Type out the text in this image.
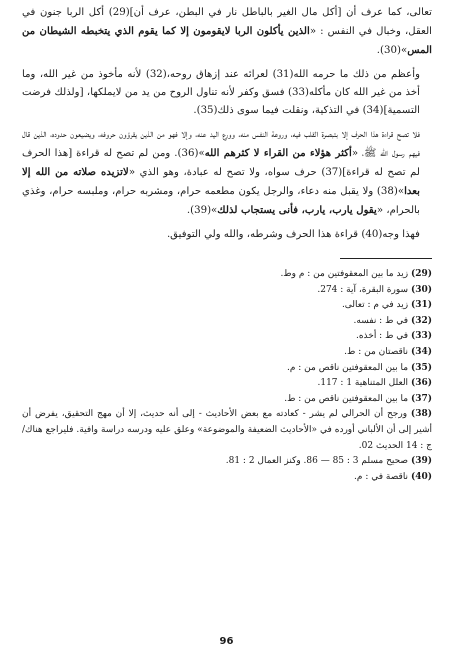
تعالى، كما عرف أن [أكل مال الغير بالباطل نار في البطن، عرف أن](29) أكل الربا جنون في العقل، وخبال في النفس : «الذين يأكلون الربا لايقومون إلا كما يقوم الذي يتخبطه الشيطان من المس»(30).

وأعظم من ذلك ما حرمه الله(31) لعرائه عند إزهاق روحه،(32) لأنه مأخوذ من غير الله، وما أخذ من غير الله كان مأكله(33) فسق وكفر لأنه تناول الروح من يد من لايملكها، [ولذلك فرضت التسمية](34) في التذكية، ونقلت فيما سوى ذلك(35).

فلا تصح قراءة هذا الحرف إلا بتبصرة القلب فيه، وروعة النفس منه، وورع اليد عنه، وإلا فهو من الذين يقرؤون حروفه، ويضيعون حدوده، الذين قال فيهم رسول الله ﷺ، «أكثر هؤلاء من القراء لا كثرهم الله»(36). ومن لم تصح له قراءة [هذا الحرف لم تصح له قراءة](37) حرف سواه، ولا تصح له عبادة، وهو الذي «لاتزيده صلاته من الله إلا بعدا»(38) ولا يقبل منه دعاء، والرجل يكون مطعمه حرام، ومشربه حرام، وملبسه حرام، وغذي بالحرام، «يقول يارب، يارب، فأنى يستجاب لذلك»(39).

فهذا وجه(40) قراءة هذا الحرف وشرطه، والله ولي التوفيق.

(29) زيد ما بين المعقوفتين من : م وط.
(30) سورة البقرة، آية : 274.
(31) زيد في م : تعالى.
(32) في ط : نفسه.
(33) في ط : أخذه.
(34) ناقصتان من : ط.
(35) ما بين المعقوفتين ناقص من : م.
(36) العلل المتناهية 1 : 117.
(37) ما بين المعقوفتين ناقص من : ط.
(38) ورجح أن الحرالي لم يشر - كعادته مع بعض الأحاديث - إلى أنه حديث، إلا أن مهج التحقيق، يفرض أن أشير إلى أن الألباني أورده في «الأحاديث الضعيفة والموضوعة» وعلق عليه ودرسه دراسة وافية. فليراجع هناك/ ج : 14 الحديث 02.
(39) صحيح مسلم 3 : 85 — 86. وكنز العمال 2 : 81.
(40) ناقصة في : م.
96
